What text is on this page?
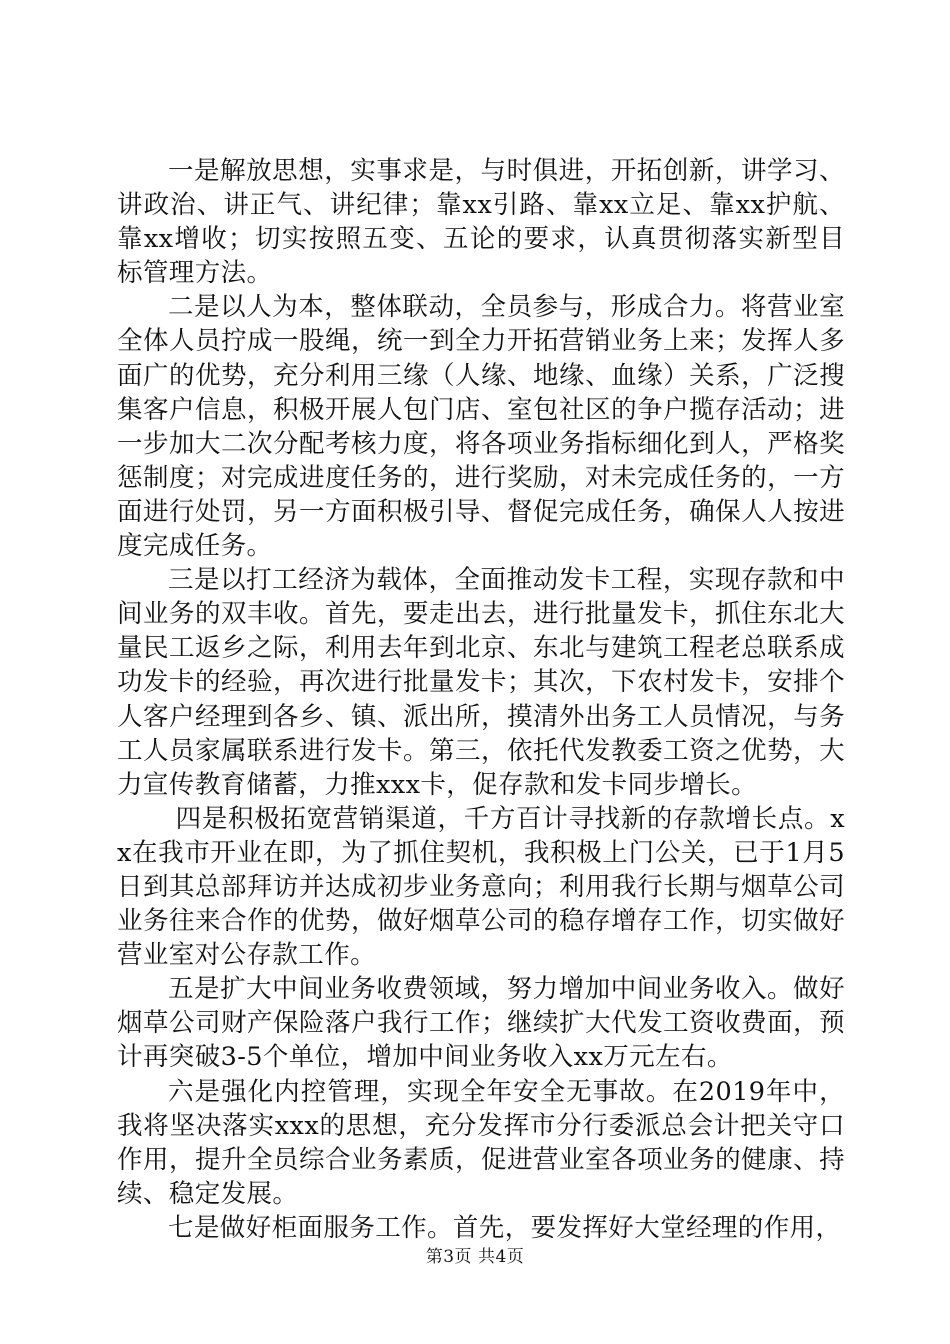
一是解放思想，实事求是，与时俱进，开拓创新，讲学习、讲政治、讲正气、讲纪律；靠xx引路、靠xx立足、靠xx护航、靠xx增收；切实按照五变、五论的要求，认真贯彻落实新型目标管理方法。

二是以人为本，整体联动，全员参与，形成合力。将营业室全体人员拧成一股绳，统一到全力开拓营销业务上来；发挥人多面广的优势，充分利用三缘（人缘、地缘、血缘）关系，广泛搜集客户信息，积极开展人包门店、室包社区的争户揽存活动；进一步加大二次分配考核力度，将各项业务指标细化到人，严格奖惩制度；对完成进度任务的，进行奖励，对未完成任务的，一方面进行处罚，另一方面积极引导、督促完成任务，确保人人按进度完成任务。

三是以打工经济为载体，全面推动发卡工程，实现存款和中间业务的双丰收。首先，要走出去，进行批量发卡，抓住东北大量民工返乡之际，利用去年到北京、东北与建筑工程老总联系成功发卡的经验，再次进行批量发卡；其次，下农村发卡，安排个人客户经理到各乡、镇、派出所，摸清外出务工人员情况，与务工人员家属联系进行发卡。第三，依托代发教委工资之优势，大力宣传教育储蓄，力推xxx卡，促存款和发卡同步增长。

四是积极拓宽营销渠道，千方百计寻找新的存款增长点。xx在我市开业在即，为了抓住契机，我积极上门公关，已于1月5日到其总部拜访并达成初步业务意向；利用我行长期与烟草公司业务往来合作的优势，做好烟草公司的稳存增存工作，切实做好营业室对公存款工作。

五是扩大中间业务收费领域，努力增加中间业务收入。做好烟草公司财产保险落户我行工作；继续扩大代发工资收费面，预计再突破3-5个单位，增加中间业务收入xx万元左右。

六是强化内控管理，实现全年安全无事故。在2019年中，我将坚决落实xxx的思想，充分发挥市分行委派总会计把关守口作用，提升全员综合业务素质，促进营业室各项业务的健康、持续、稳定发展。

七是做好柜面服务工作。首先，要发挥好大堂经理的作用，

第3页 共4页
